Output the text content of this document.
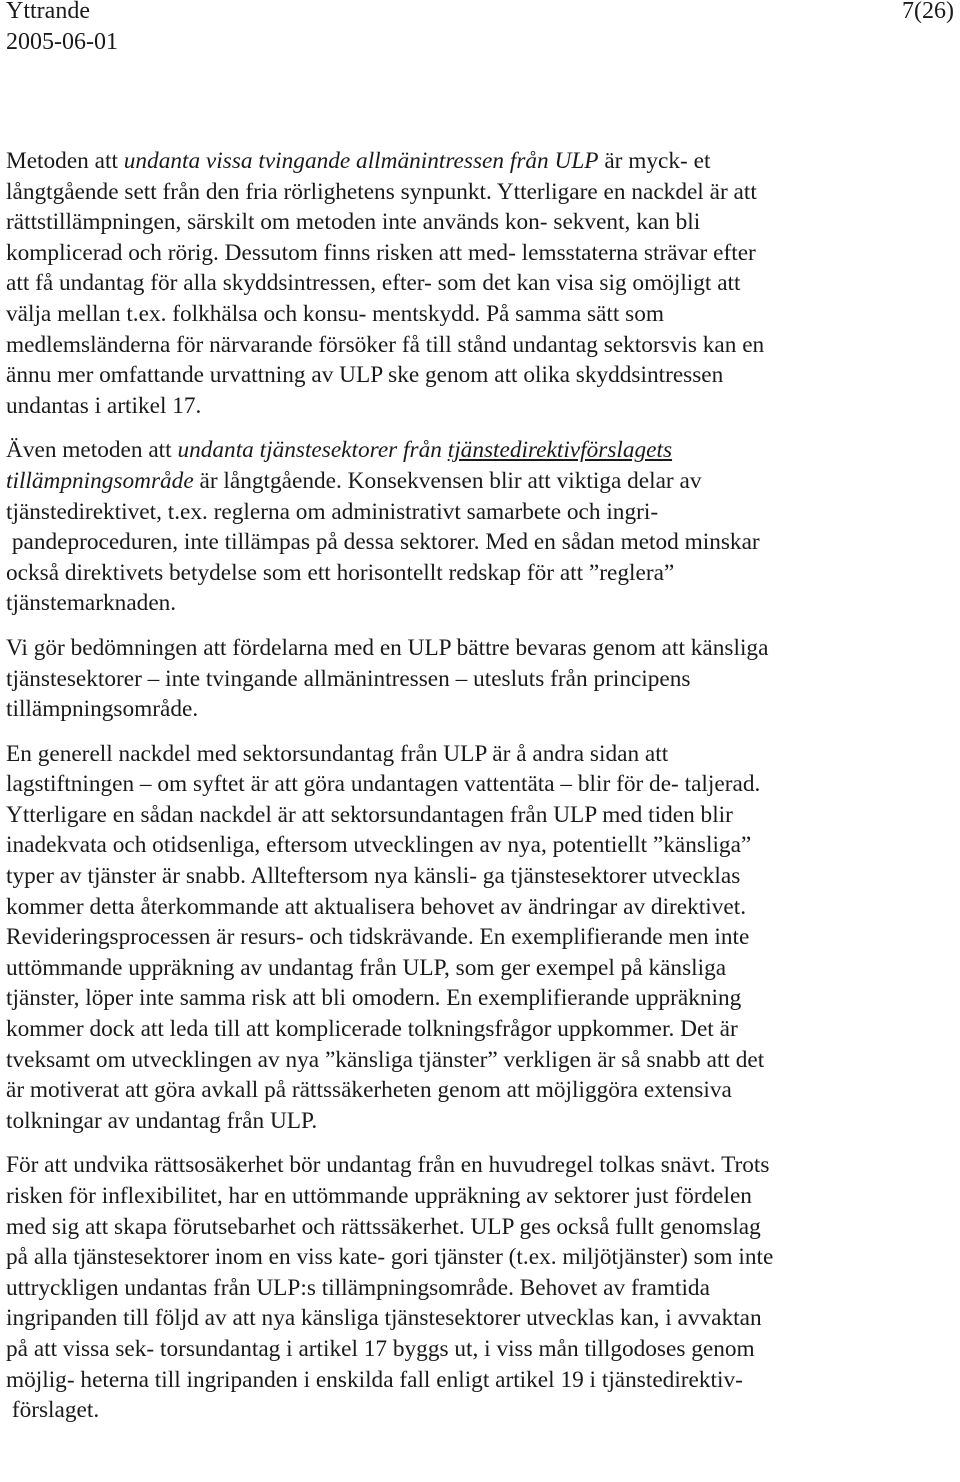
Yttrande
2005-06-01
7(26)

Metoden att undanta vissa tvingande allmänintressen från ULP är myck- et långtgående sett från den fria rörlighetens synpunkt. Ytterligare en nackdel är att rättstillämpningen, särskilt om metoden inte används kon- sekvent, kan bli komplicerad och rörig. Dessutom finns risken att med- lemsstaterna strävar efter att få undantag för alla skyddsintressen, efter- som det kan visa sig omöjligt att välja mellan t.ex. folkhälsa och konsu- mentskydd. På samma sätt som medlemsländerna för närvarande försöker få till stånd undantag sektorsvis kan en ännu mer omfattande urvattning av ULP ske genom att olika skyddsintressen undantas i artikel 17.

Även metoden att undanta tjänstesektorer från tjänstedirektivförslagets tillämpningsområde är långtgående. Konsekvensen blir att viktiga delar av tjänstedirektivet, t.ex. reglerna om administrativt samarbete och ingri- pandeproceduren, inte tillämpas på dessa sektorer. Med en sådan metod minskar också direktivets betydelse som ett horisontellt redskap för att ”reglera” tjänstemarknaden.

Vi gör bedömningen att fördelarna med en ULP bättre bevaras genom att känsliga tjänstesektorer – inte tvingande allmänintressen – utesluts från principens tillämpningsområde.

En generell nackdel med sektorsundantag från ULP är å andra sidan att lagstiftningen – om syftet är att göra undantagen vattentäta – blir för de- taljerad. Ytterligare en sådan nackdel är att sektorsundantagen från ULP med tiden blir inadekvata och otidsenliga, eftersom utvecklingen av nya, potentiellt ”känsliga” typer av tjänster är snabb. Allteftersom nya känsli- ga tjänstesektorer utvecklas kommer detta återkommande att aktualisera behovet av ändringar av direktivet. Revideringsprocessen är resurs- och tidskrävande. En exemplifierande men inte uttömmande uppräkning av undantag från ULP, som ger exempel på känsliga tjänster, löper inte samma risk att bli omodern. En exemplifierande uppräkning kommer dock att leda till att komplicerade tolkningsfrågor uppkommer. Det är tveksamt om utvecklingen av nya ”känsliga tjänster” verkligen är så snabb att det är motiverat att göra avkall på rättssäkerheten genom att möjliggöra extensiva tolkningar av undantag från ULP.

För att undvika rättsosäkerhet bör undantag från en huvudregel tolkas snävt. Trots risken för inflexibilitet, har en uttömmande uppräkning av sektorer just fördelen med sig att skapa förutsebarhet och rättssäkerhet. ULP ges också fullt genomslag på alla tjänstesektorer inom en viss kate- gori tjänster (t.ex. miljötjänster) som inte uttryckligen undantas från ULP:s tillämpningsområde. Behovet av framtida ingripanden till följd av att nya känsliga tjänstesektorer utvecklas kan, i avvaktan på att vissa sek- torsundantag i artikel 17 byggs ut, i viss mån tillgodoses genom möjlig- heterna till ingripanden i enskilda fall enligt artikel 19 i tjänstedirektiv- förslaget.
